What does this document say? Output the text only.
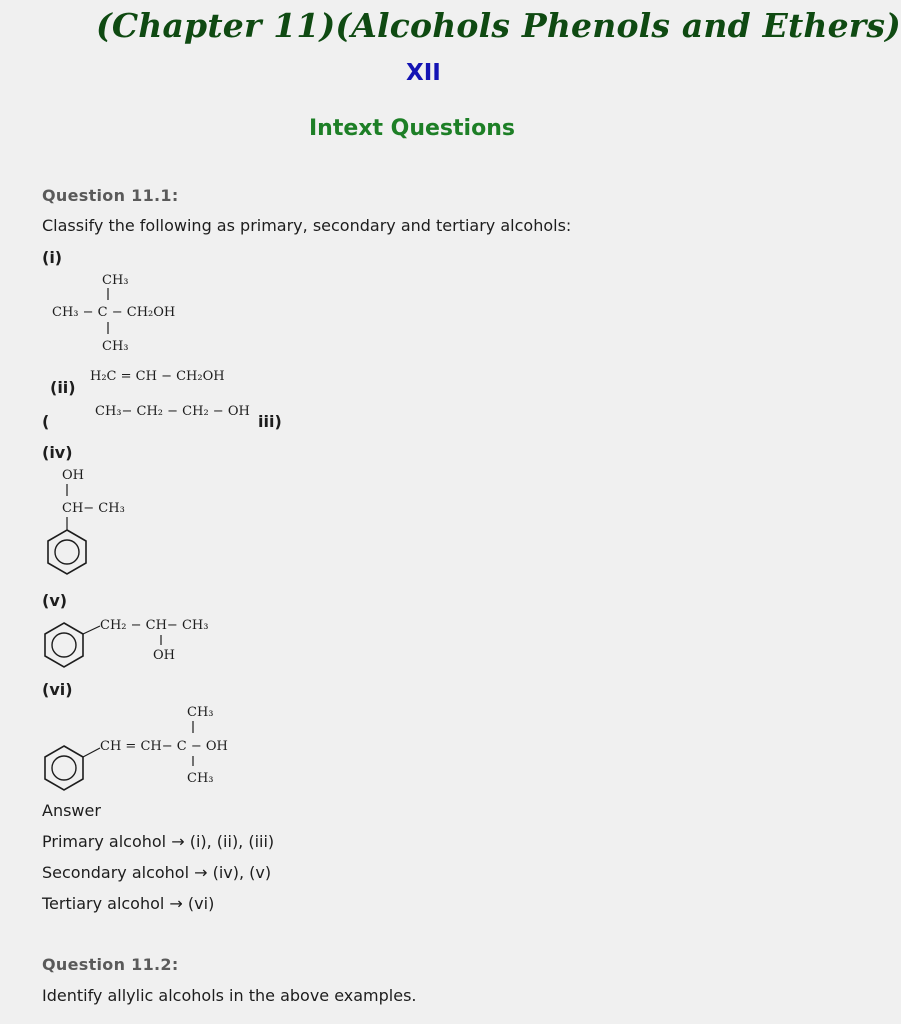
(Chapter 11)(Alcohols Phenols and Ethers)
XII
Intext Questions
Question 11.1:
Classify the following as primary, secondary and tertiary alcohols:
(i)
CH₃
CH₃ − C − CH₂OH
CH₃
(ii)
H₂C = CH − CH₂OH
(
CH₃− CH₂ − CH₂ − OH
iii)
(iv)
OH
CH− CH₃
(v)
CH₂ − CH− CH₃
OH
(vi)
CH₃
CH = CH− C − OH
CH₃
Answer
Primary alcohol → (i), (ii), (iii)
Secondary alcohol → (iv), (v)
Tertiary alcohol → (vi)
Question 11.2:
Identify allylic alcohols in the above examples.
